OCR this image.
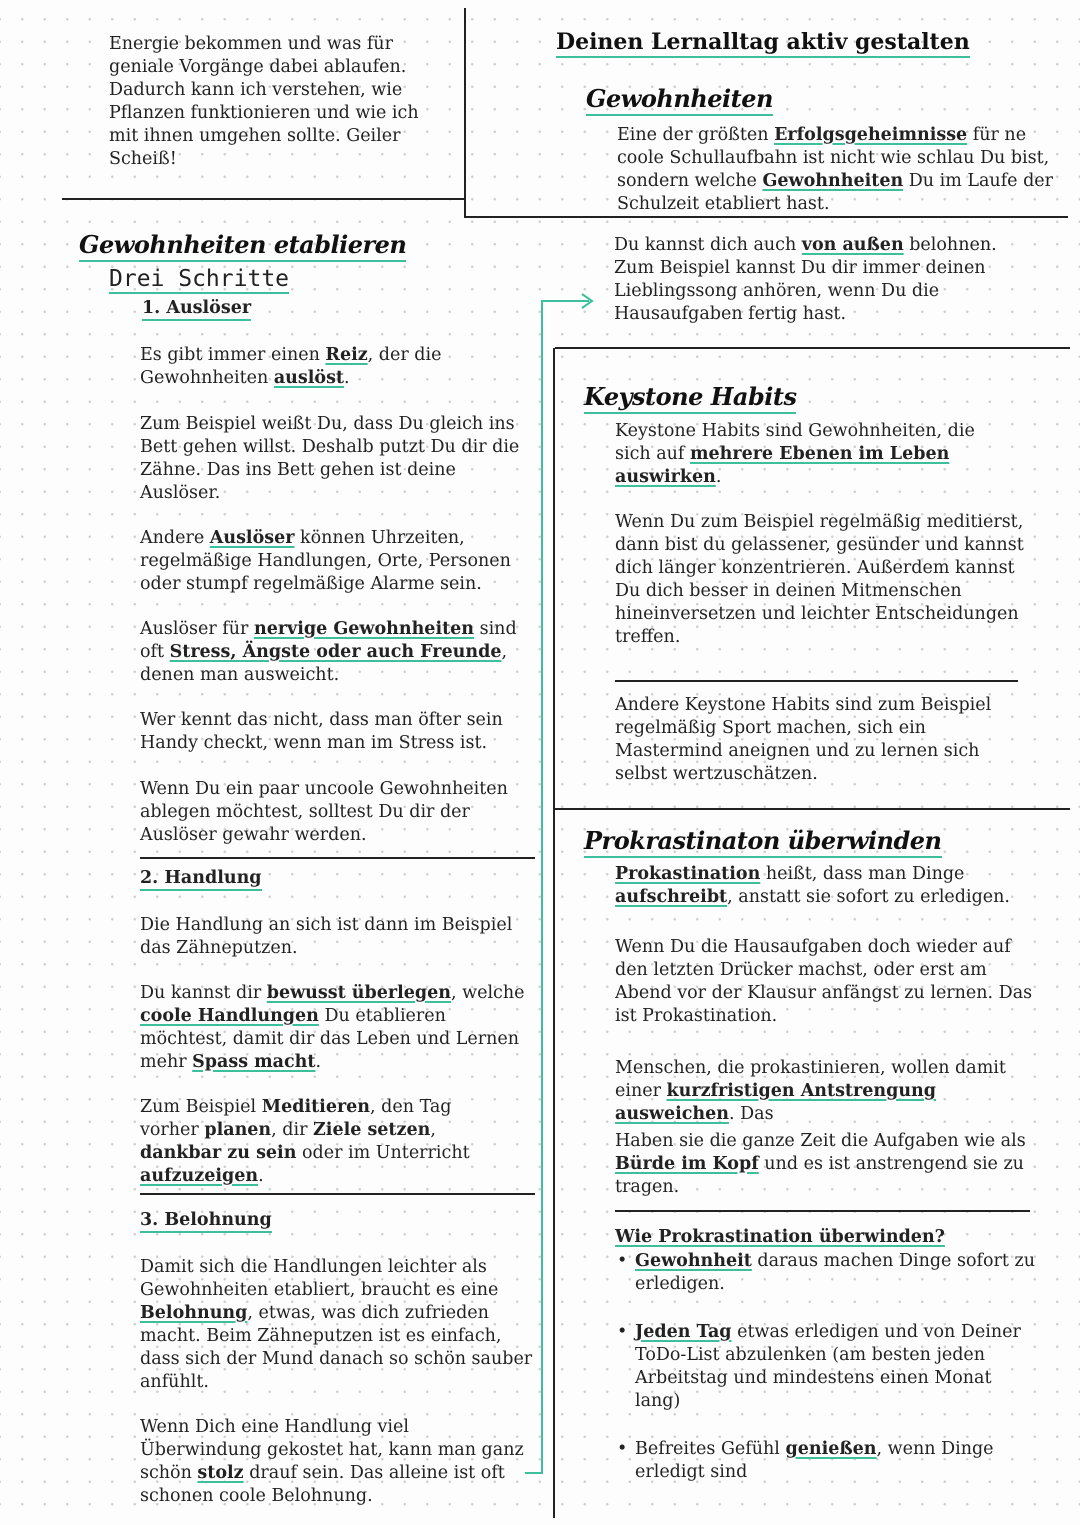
Energie bekommen und was für geniale Vorgänge dabei ablaufen. Dadurch kann ich verstehen, wie Pflanzen funktionieren und wie ich mit ihnen umgehen sollte. Geiler Scheiß!

Gewohnheiten etablieren
Drei Schritte
1. Auslöser

Es gibt immer einen Reiz, der die Gewohnheiten auslöst.

Zum Beispiel weißt Du, dass Du gleich ins Bett gehen willst. Deshalb putzt Du dir die Zähne. Das ins Bett gehen ist deine Auslöser.

Andere Auslöser können Uhrzeiten, regelmäßige Handlungen, Orte, Personen oder stumpf regelmäßige Alarme sein.

Auslöser für nervige Gewohnheiten sind oft Stress, Ängste oder auch Freunde, denen man ausweicht.

Wer kennt das nicht, dass man öfter sein Handy checkt, wenn man im Stress ist.

Wenn Du ein paar uncoole Gewohnheiten ablegen möchtest, solltest Du dir der Auslöser gewahr werden.

2. Handlung

Die Handlung an sich ist dann im Beispiel das Zähneputzen.

Du kannst dir bewusst überlegen, welche coole Handlungen Du etablieren möchtest, damit dir das Leben und Lernen mehr Spass macht.

Zum Beispiel Meditieren, den Tag vorher planen, dir Ziele setzen, dankbar zu sein oder im Unterricht aufzuzeigen.

3. Belohnung

Damit sich die Handlungen leichter als Gewohnheiten etabliert, braucht es eine Belohnung, etwas, was dich zufrieden macht. Beim Zähneputzen ist es einfach, dass sich der Mund danach so schön sauber anfühlt.

Wenn Dich eine Handlung viel Überwindung gekostet hat, kann man ganz schön stolz drauf sein. Das alleine ist oft schonen coole Belohnung.

Deinen Lernalltag aktiv gestalten
Gewohnheiten

Eine der größten Erfolgsgeheimnisse für ne coole Schullaufbahn ist nicht wie schlau Du bist, sondern welche Gewohnheiten Du im Laufe der Schulzeit etabliert hast.

Du kannst dich auch von außen belohnen. Zum Beispiel kannst Du dir immer deinen Lieblingssong anhören, wenn Du die Hausaufgaben fertig hast.

Keystone Habits

Keystone Habits sind Gewohnheiten, die sich auf mehrere Ebenen im Leben auswirken.

Wenn Du zum Beispiel regelmäßig meditierst, dann bist du gelassener, gesünder und kannst dich länger konzentrieren. Außerdem kannst Du dich besser in deinen Mitmenschen hineinversetzen und leichter Entscheidungen treffen.

Andere Keystone Habits sind zum Beispiel regelmäßig Sport machen, sich ein Mastermind aneignen und zu lernen sich selbst wertzuschätzen.

Prokrastinaton überwinden

Prokastination heißt, dass man Dinge aufschreibt, anstatt sie sofort zu erledigen.

Wenn Du die Hausaufgaben doch wieder auf den letzten Drücker machst, oder erst am Abend vor der Klausur anfängst zu lernen. Das ist Prokastination.

Menschen, die prokastinieren, wollen damit einer kurzfristigen Antstrengung ausweichen. Das

Haben sie die ganze Zeit die Aufgaben wie als Bürde im Kopf und es ist anstrengend sie zu tragen.

Wie Prokrastination überwinden?
• Gewohnheit daraus machen Dinge sofort zu erledigen.
• Jeden Tag etwas erledigen und von Deiner ToDo-List abzulenken (am besten jeden Arbeitstag und mindestens einen Monat lang)
• Befreites Gefühl genießen, wenn Dinge erledigt sind
